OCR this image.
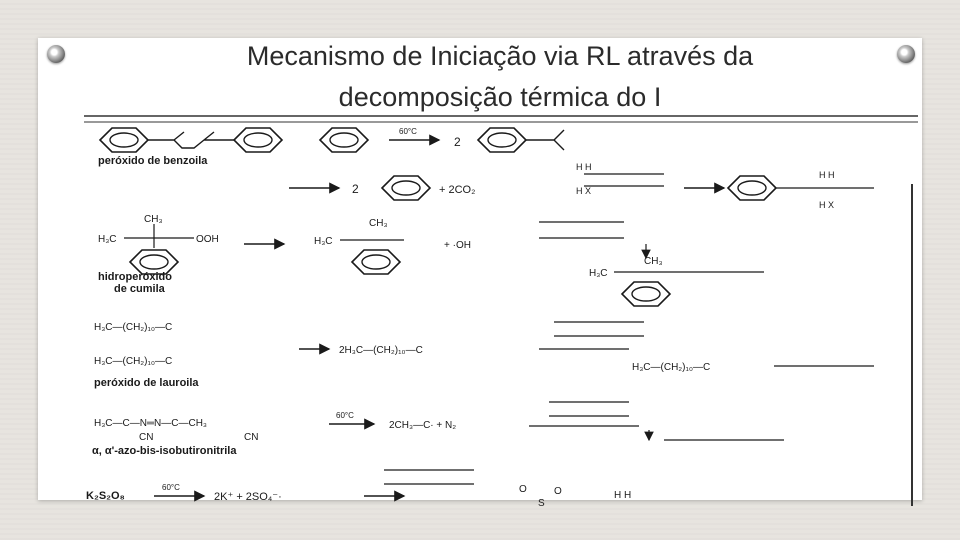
Mecanismo de Iniciação via RL através da
decomposição térmica do I
peróxido de benzoila
60°C
2
2	+ 2CO₂
H H
H X
H H
H X
CH₃
H₃C	OOH
hidroperóxido
de cumila
CH₃
H₃C	+ ·OH
CH₃
H₃C
H₃C—(CH₂)₁₀—C
H₃C—(CH₂)₁₀—C
peróxido de lauroila
2H₃C—(CH₂)₁₀—C
H₃C—(CH₂)₁₀—C
H₃C—C—N═N—C—CH₃
CN	CN
α, α'-azo-bis-isobutironitrila
60°C
2CH₃—C· + N₂
K₂S₂O₈
60°C
2K⁺ + 2SO₄⁻·
O	O
S
H H
